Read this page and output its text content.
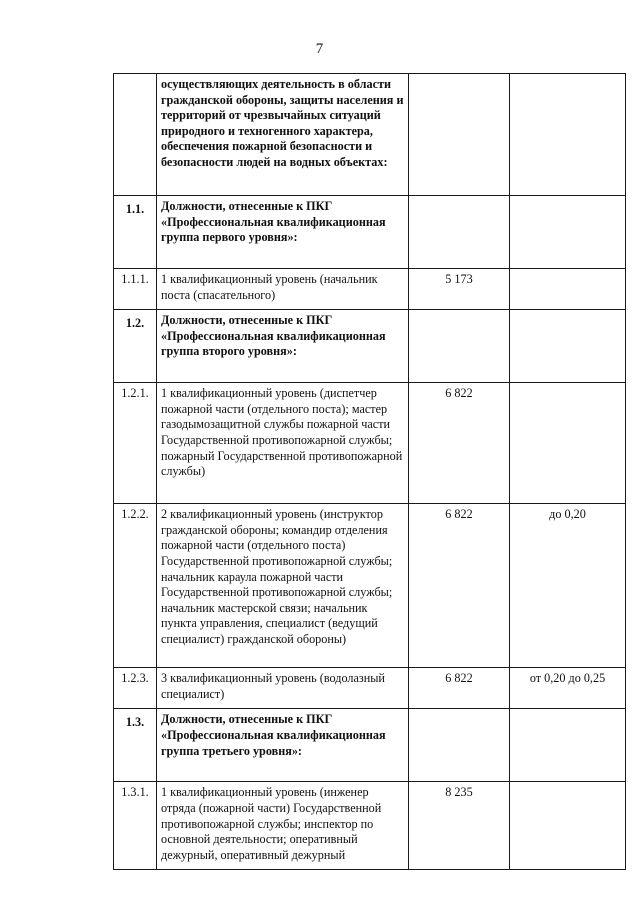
7
	осуществляющих деятельность в области гражданской обороны, защиты населения и территорий от чрезвычайных ситуаций природного и техногенного характера, обеспечения пожарной безопасности и безопасности людей на водных объектах:		
1.1.	Должности, отнесенные к ПКГ «Профессиональная квалификационная группа первого уровня»:		
1.1.1.	1 квалификационный уровень (начальник поста (спасательного)	5 173	
1.2.	Должности, отнесенные к ПКГ «Профессиональная квалификационная группа второго уровня»:		
1.2.1.	1 квалификационный уровень (диспетчер пожарной части (отдельного поста); мастер газодымозащитной службы пожарной части Государственной противопожарной службы; пожарный Государственной противопожарной службы)	6 822	
1.2.2.	2 квалификационный уровень (инструктор гражданской обороны; командир отделения пожарной части (отдельного поста) Государственной противопожарной службы; начальник караула пожарной части Государственной противопожарной службы; начальник мастерской связи; начальник пункта управления, специалист (ведущий специалист) гражданской обороны)	6 822	до 0,20
1.2.3.	3 квалификационный уровень (водолазный специалист)	6 822	от 0,20 до 0,25
1.3.	Должности, отнесенные к ПКГ «Профессиональная квалификационная группа третьего уровня»:		
1.3.1.	1 квалификационный уровень (инженер отряда (пожарной части) Государственной противопожарной службы; инспектор по основной деятельности; оперативный дежурный, оперативный дежурный	8 235	
